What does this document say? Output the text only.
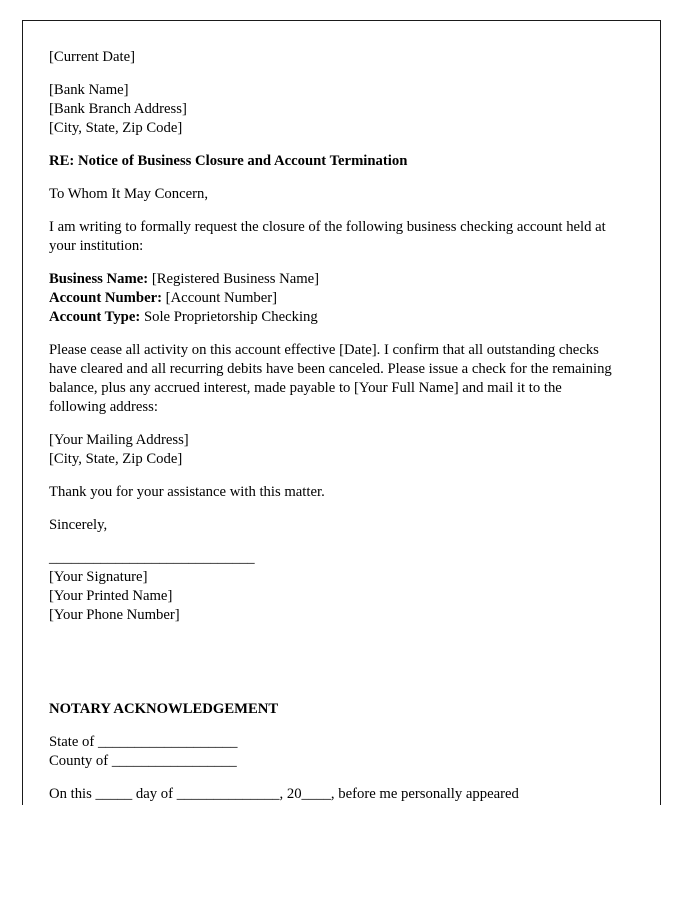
[Current Date]
[Bank Name]
[Bank Branch Address]
[City, State, Zip Code]
RE: Notice of Business Closure and Account Termination
To Whom It May Concern,
I am writing to formally request the closure of the following business checking account held at your institution:
Business Name: [Registered Business Name]
Account Number: [Account Number]
Account Type: Sole Proprietorship Checking
Please cease all activity on this account effective [Date]. I confirm that all outstanding checks have cleared and all recurring debits have been canceled. Please issue a check for the remaining balance, plus any accrued interest, made payable to [Your Full Name] and mail it to the following address:
[Your Mailing Address]
[City, State, Zip Code]
Thank you for your assistance with this matter.
Sincerely,
____________________________
[Your Signature]
[Your Printed Name]
[Your Phone Number]
NOTARY ACKNOWLEDGEMENT
State of ___________________
County of _________________
On this _____ day of ______________, 20____, before me personally appeared
